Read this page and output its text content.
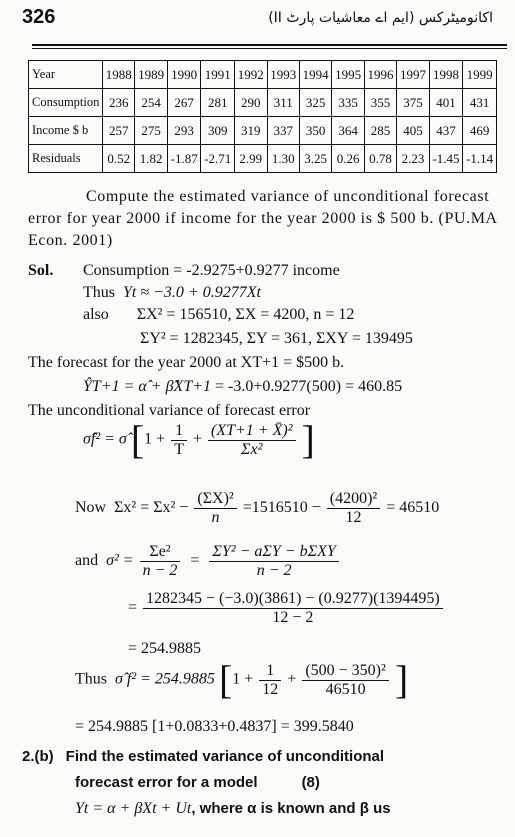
326	اکانومیٹرکس (ایم اے معاشیات پارٹ II)
Year	1988	1989	1990	1991	1992	1993	1994	1995	1996	1997	1998	1999
Consumption	236	254	267	281	290	311	325	335	355	375	401	431
Income $ b	257	275	293	309	319	337	350	364	285	405	437	469
Residuals	0.52	1.82	-1.87	-2.71	2.99	1.30	3.25	0.26	0.78	2.23	-1.45	-1.14
Compute the estimated variance of unconditional forecast error for year 2000 if income for the year 2000 is $ 500 b. (PU.MA Econ. 2001)
Sol. Consumption = -2.9275+0.9277 income
Thus Yt ≈ −3.0 + 0.9277Xt
also ΣX² = 156510, ΣX = 4200, n = 12
ΣY² = 1282345, ΣY = 361, ΣXY = 139495
The forecast for the year 2000 at XT+1 = $500 b.
ŶT+1 = α̂ + β̂XT+1 = -3.0+0.9277(500) = 460.85
The unconditional variance of forecast error
σ̂f² = σ̂ [$1 + \frac{1}{T} + \frac{\text{(XT+1 + X̄)²}}{\text{Σx²}}$ ]
Now $\Sigma x^2 = \Sigma x^2 - \frac{\text{(ΣX)²}}{n} =1516510 - \frac{\text{(4200)²}}{12} = 46510$
and $\sigma^2 = \frac{\text{Σe²}}{n - 2} = \frac{\text{ΣY² − aΣY − bΣXY}}{n - 2}$
= $\frac{1282345 - (-3.0)(3861) - (0.9277)(1394495)}{12 - 2}$
= 254.9885
Thus σ̂ f² = 254.9885 [$1 + \frac{1}{12} + \frac{\text{(500 − 350)²}}{46510}$ ]
= 254.9885 [1+0.0833+0.4837] = 399.5840
2.(b) Find the estimated variance of unconditional
forecast error for a model	(8)
Yt = α + βXt + Ut, where α is known and β us
